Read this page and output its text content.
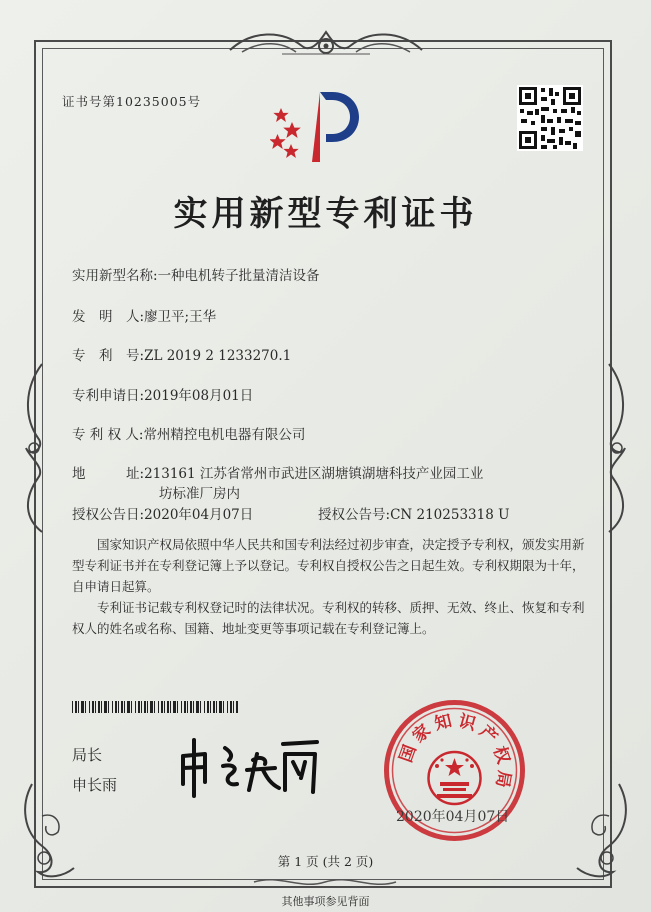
证书号第10235005号
实用新型专利证书
实用新型名称:一种电机转子批量清洁设备
发　明　人:廖卫平;王华
专　利　号:ZL 2019 2 1233270.1
专利申请日:2019年08月01日
专 利 权 人:常州精控电机电器有限公司
地　　　址:213161 江苏省常州市武进区湖塘镇湖塘科技产业园工业
坊标准厂房内
授权公告日:2020年04月07日	授权公告号:CN 210253318 U
国家知识产权局依照中华人民共和国专利法经过初步审查，决定授予专利权，颁发实用新型专利证书并在专利登记簿上予以登记。专利权自授权公告之日起生效。专利权期限为十年，自申请日起算。
专利证书记载专利权登记时的法律状况。专利权的转移、质押、无效、终止、恢复和专利权人的姓名或名称、国籍、地址变更等事项记载在专利登记簿上。
局长
申长雨
国
家
知 识
产
权
局
2020年04月07日
第 1 页 (共 2 页)
其他事项参见背面
